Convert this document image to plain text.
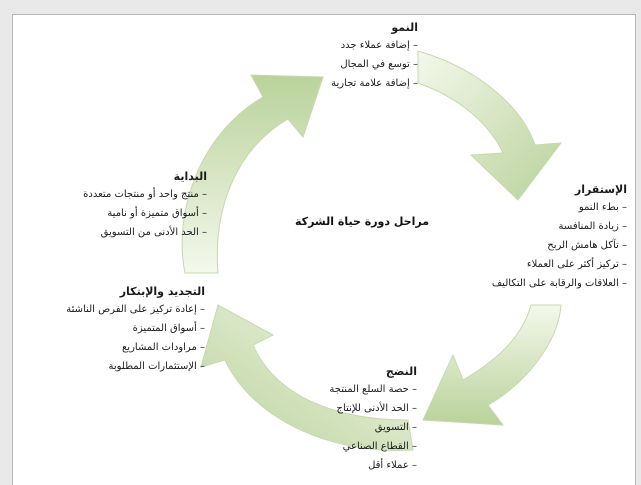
مراحل دورة حياة الشركة
النمو
– إضافة عملاء جدد
– توسع في المجال
– إضافة علامة تجارية
الإستقرار
– بطء النمو
– زيادة المنافسة
– تآكل هامش الربح
– تركيز أكثر على العملاء
– العلاقات والرقابة على التكاليف
النضج
– حصة السلع المنتجة
– الحد الأدنى للإنتاج
– التسويق
– القطاع الصناعي
– عملاء أقل
التجديد والإبتكار
– إعادة تركيز على الفرص الناشئة
– أسواق المتميزة
– مراودات المشاريع
– الإستثمارات المطلوبة
البداية
– منتج واحد أو منتجات متعددة
– أسواق متميزة أو نامية
– الحد الأدنى من التسويق
